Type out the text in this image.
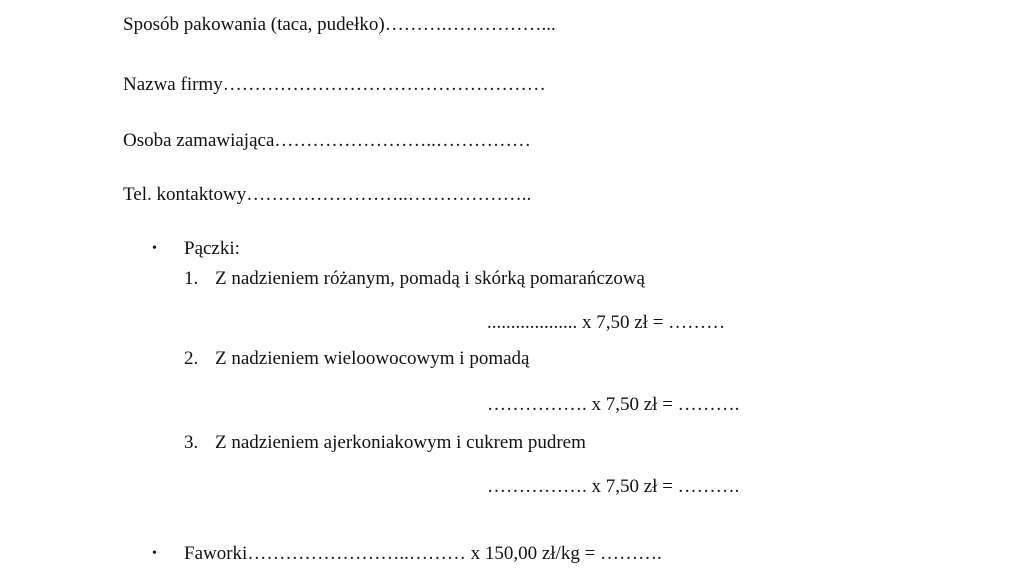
Sposób pakowania (taca, pudełko)……….……………...
Nazwa firmy……………………………………………
Osoba zamawiająca……………………..……………
Tel. kontaktowy……………………..………………..
• Pączki:
1. Z nadzieniem różanym, pomadą i skórką pomarańczową
................... x 7,50 zł = ………
2. Z nadzieniem wieloowocowym i pomadą
……………. x 7,50 zł = ……….
3. Z nadzieniem ajerkoniakowym i cukrem pudrem
……………. x 7,50 zł = ……….
• Faworki……………………..……… x 150,00 zł/kg = ……….
